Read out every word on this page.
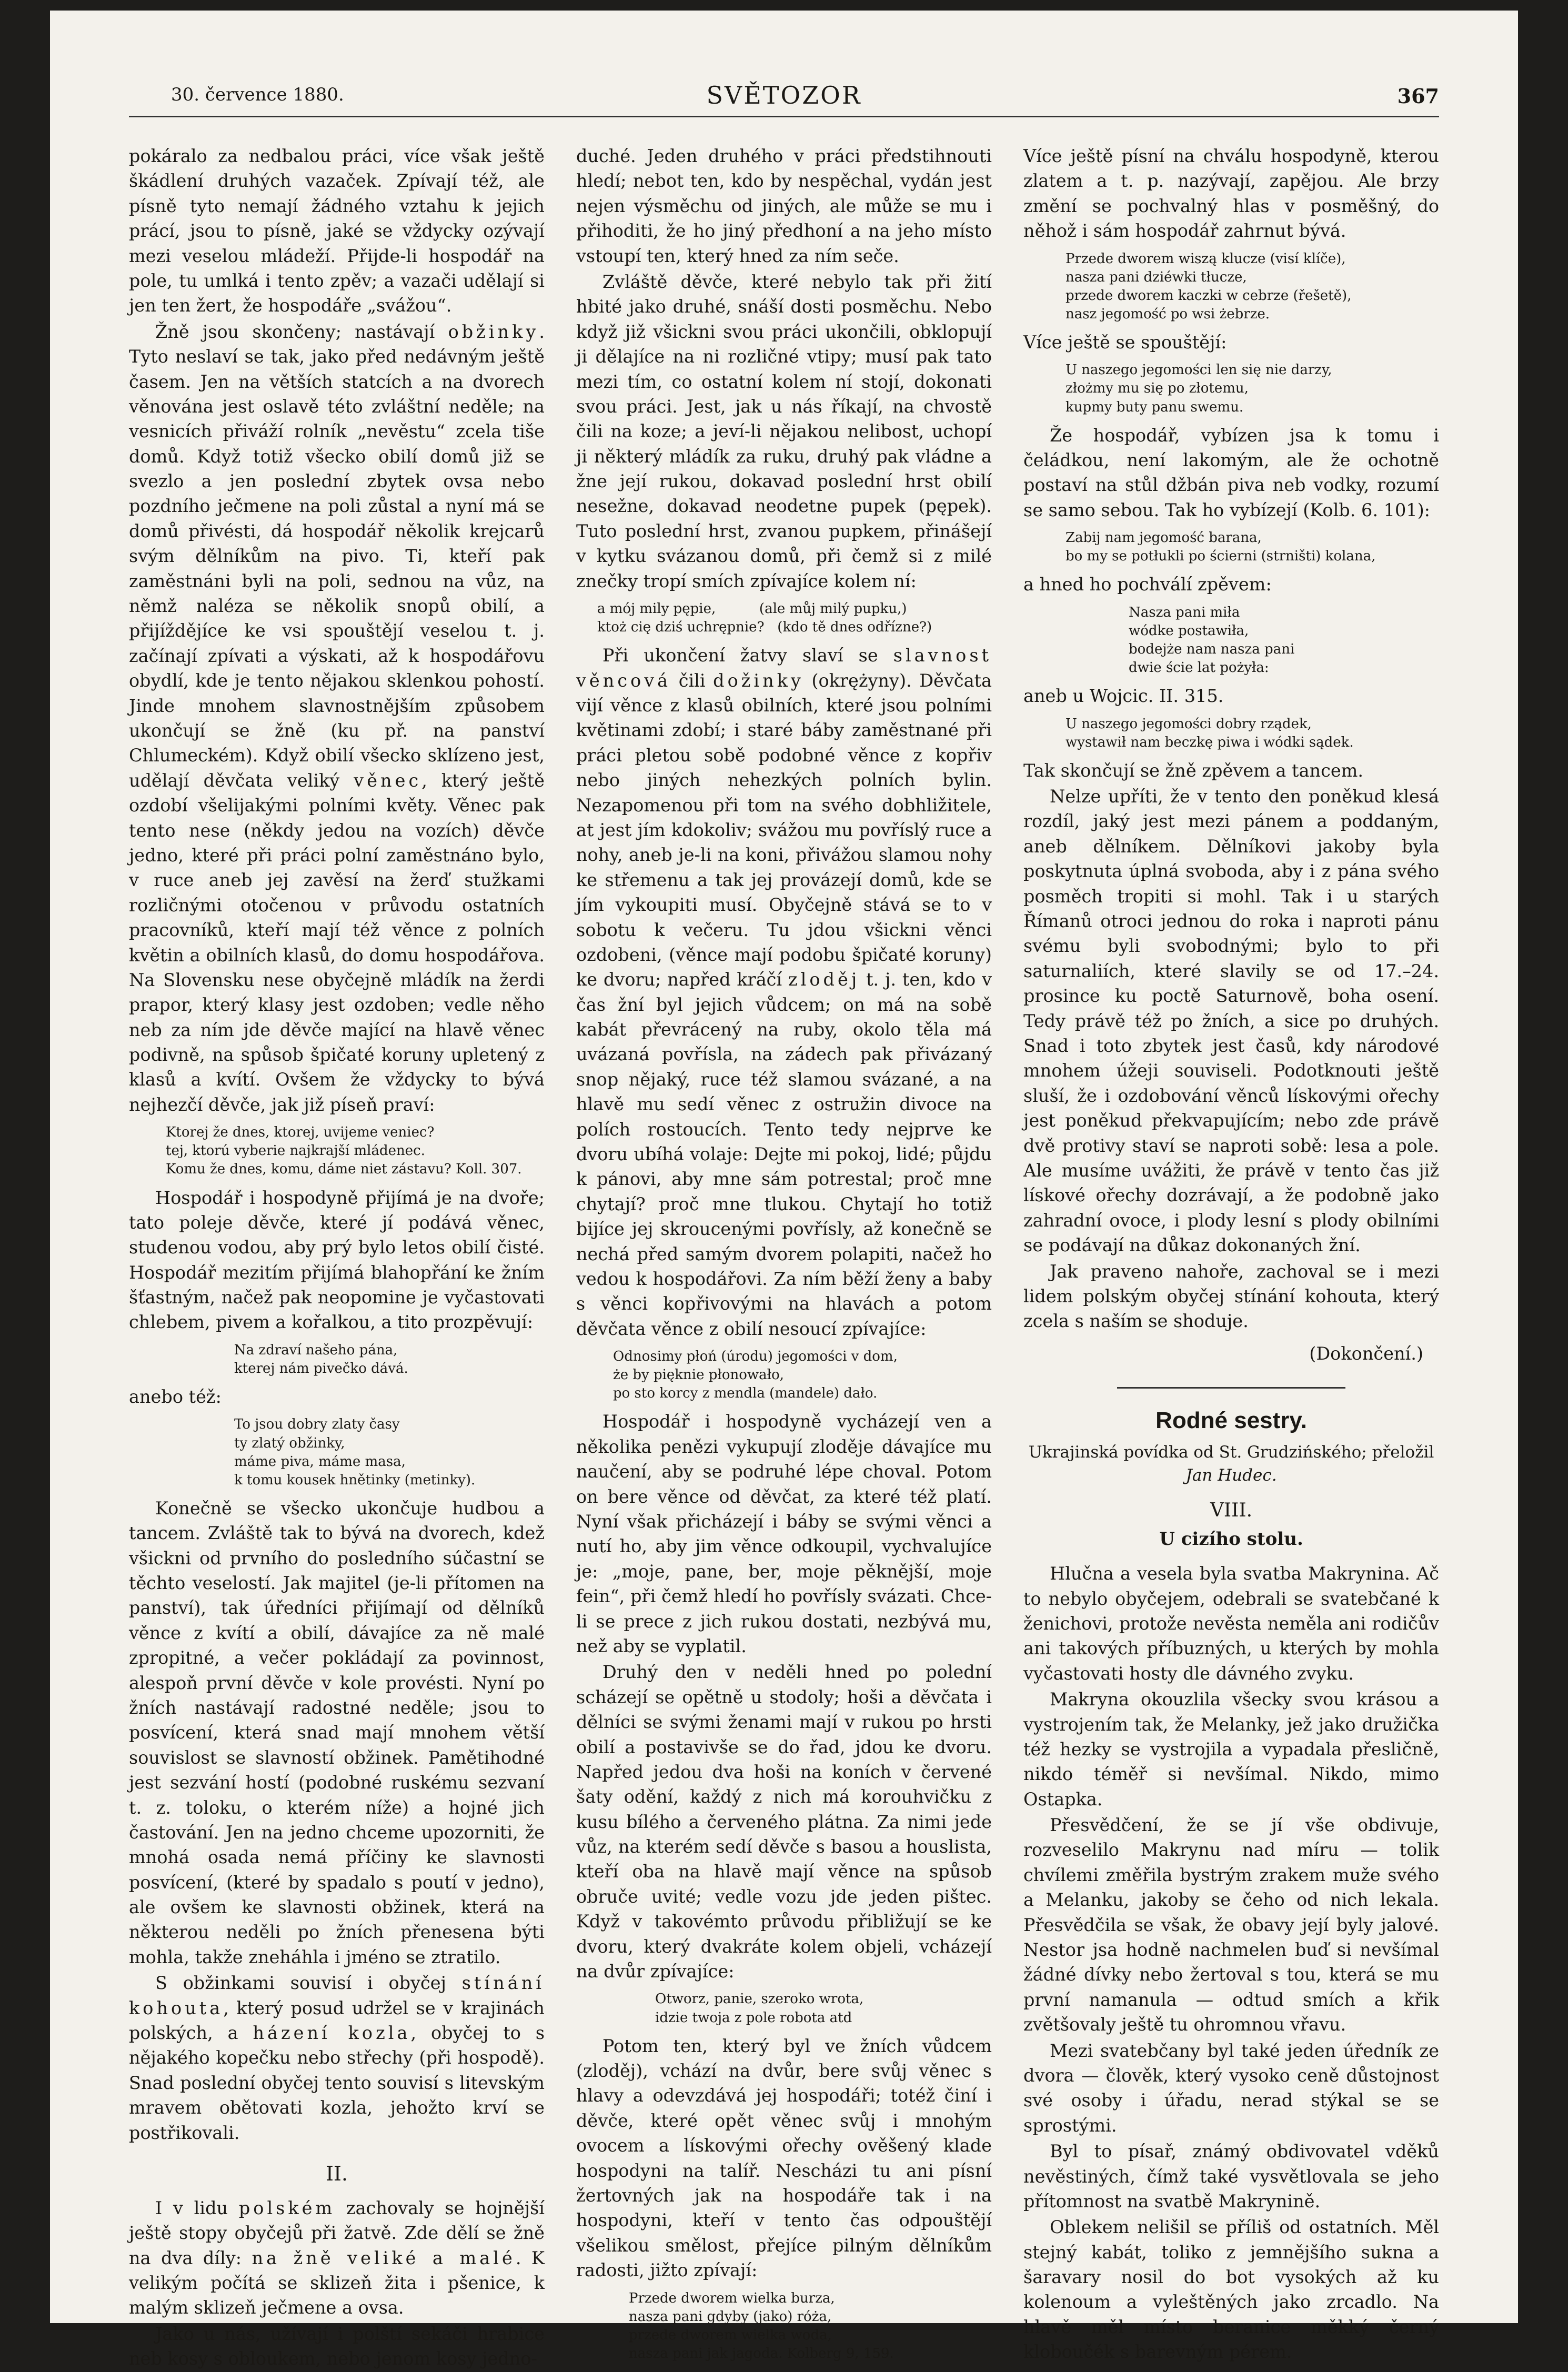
30. července 1880.	SVĚTOZOR	367

pokáralo za nedbalou práci, více však ještě škádlení druhých vazaček. Zpívají též, ale písně tyto nemají žádného vztahu k jejich prácí, jsou to písně, jaké se vždycky ozývají mezi veselou mládeží. Přijde-li hospodář na pole, tu umlká i tento zpěv; a vazači udělají si jen ten žert, že hospodáře „svážou“.

Žně jsou skončeny; nastávají obžinky. Tyto neslaví se tak, jako před nedávným ještě časem. Jen na větších statcích a na dvorech věnována jest oslavě této zvláštní neděle; na vesnicích přiváží rolník „nevěstu“ zcela tiše domů. Když totiž všecko obilí domů již se svezlo a jen poslední zbytek ovsa nebo pozdního ječmene na poli zůstal a nyní má se domů přivésti, dá hospodář několik krejcarů svým dělníkům na pivo. Ti, kteří pak zaměstnáni byli na poli, sednou na vůz, na němž naléza se několik snopů obilí, a přijíždějíce ke vsi spouštějí veselou t. j. začínají zpívati a výskati, až k hospodářovu obydlí, kde je tento nějakou sklenkou pohostí. Jinde mnohem slavnostnějším způsobem ukončují se žně (ku př. na panství Chlumeckém). Když obilí všecko sklízeno jest, udělají děvčata veliký věnec, který ještě ozdobí všelijakými polními květy. Věnec pak tento nese (někdy jedou na vozích) děvče jedno, které při práci polní zaměstnáno bylo, v ruce aneb jej zavěsí na žerď stužkami rozličnými otočenou v průvodu ostatních pracovníků, kteří mají též věnce z polních květin a obilních klasů, do domu hospodářova. Na Slovensku nese obyčejně mládík na žerdi prapor, který klasy jest ozdoben; vedle něho neb za ním jde děvče mající na hlavě věnec podivně, na spůsob špičaté koruny upletený z klasů a kvítí. Ovšem že vždycky to bývá nejhezčí děvče, jak již píseň praví:

Ktorej že dnes, ktorej, uvijeme veniec?
tej, ktorú vyberie najkrajší mládenec.
Komu že dnes, komu, dáme niet zástavu? Koll. 307.

Hospodář i hospodyně přijímá je na dvoře; tato poleje děvče, které jí podává věnec, studenou vodou, aby prý bylo letos obilí čisté. Hospodář mezitím přijímá blahopřání ke žním šťastným, načež pak neopomine je vyčastovati chlebem, pivem a kořalkou, a tito prozpěvují:

Na zdraví našeho pána,
kterej nám pivečko dává.

anebo též:

To jsou dobry zlaty časy
ty zlatý obžinky,
máme piva, máme masa,
k tomu kousek hnětinky (metinky).

Konečně se všecko ukončuje hudbou a tancem. Zvláště tak to bývá na dvorech, kdež všickni od prvního do posledního súčastní se těchto veselostí. Jak majitel (je-li přítomen na panství), tak úředníci přijímají od dělníků věnce z kvítí a obilí, dávajíce za ně malé zpropitné, a večer pokládají za povinnost, alespoň první děvče v kole provésti. Nyní po žních nastávají radostné neděle; jsou to posvícení, která snad mají mnohem větší souvislost se slavností obžinek. Pamětihodné jest sezvání hostí (podobné ruskému sezvaní t. z. toloku, o kterém níže) a hojné jich častování. Jen na jedno chceme upozorniti, že mnohá osada nemá příčiny ke slavnosti posvícení, (které by spadalo s poutí v jedno), ale ovšem ke slavnosti obžinek, která na některou neděli po žních přenesena býti mohla, takže zneháhla i jméno se ztratilo.

S obžinkami souvisí i obyčej stínání kohouta, který posud udržel se v krajinách polských, a házení kozla, obyčej to s nějakého kopečku nebo střechy (při hospodě). Snad poslední obyčej tento souvisí s litevským mravem obětovati kozla, jehožto krví se postřikovali.

II.

I v lidu polském zachovaly se hojnější ještě stopy obyčejů při žatvě. Zde dělí se žně na dva díly: na žně veliké a malé. K velikým počítá se sklizeň žita i pšenice, k malým sklizeň ječmene a ovsa.

Jako u nás, užívají i polští sekáči hrabice neb kosy s obloukem, nebo jenom kosy jedno-

duché. Jeden druhého v práci předstihnouti hledí; nebot ten, kdo by nespěchal, vydán jest nejen výsměchu od jiných, ale může se mu i přihoditi, že ho jiný předhoní a na jeho místo vstoupí ten, který hned za ním seče.

Zvláště děvče, které nebylo tak při žití hbité jako druhé, snáší dosti posměchu. Nebo když již všickni svou práci ukončili, obklopují ji dělajíce na ni rozličné vtipy; musí pak tato mezi tím, co ostatní kolem ní stojí, dokonati svou práci. Jest, jak u nás říkají, na chvostě čili na koze; a jeví-li nějakou nelibost, uchopí ji některý mládík za ruku, druhý pak vládne a žne její rukou, dokavad poslední hrst obilí nesežne, dokavad neodetne pupek (pępek). Tuto poslední hrst, zvanou pupkem, přinášejí v kytku svázanou domů, při čemž si z milé znečky tropí smích zpívajíce kolem ní:

a mój mily pępie,          (ale můj milý pupku,)
ktoż cię dziś uchrępnie?   (kdo tě dnes odřízne?)

Při ukončení žatvy slaví se slavnost věncová čili dožinky (okrężyny). Děvčata vijí věnce z klasů obilních, které jsou polními květinami zdobí; i staré báby zaměstnané při práci pletou sobě podobné věnce z kopřiv nebo jiných nehezkých polních bylin. Nezapomenou při tom na svého dobhližitele, at jest jím kdokoliv; svážou mu povříslý ruce a nohy, aneb je-li na koni, přivážou slamou nohy ke střemenu a tak jej provázejí domů, kde se jím vykoupiti musí. Obyčejně stává se to v sobotu k večeru. Tu jdou všickni věnci ozdobeni, (věnce mají podobu špičaté koruny) ke dvoru; napřed kráčí zloděj t. j. ten, kdo v čas žní byl jejich vůdcem; on má na sobě kabát převrácený na ruby, okolo těla má uvázaná povřísla, na zádech pak přivázaný snop nějaký, ruce též slamou svázané, a na hlavě mu sedí věnec z ostružin divoce na polích rostoucích. Tento tedy nejprve ke dvoru ubíhá volaje: Dejte mi pokoj, lidé; půjdu k pánovi, aby mne sám potrestal; proč mne chytají? proč mne tlukou. Chytají ho totiž bijíce jej skroucenými povřísly, až konečně se nechá před samým dvorem polapiti, načež ho vedou k hospodářovi. Za ním běží ženy a baby s věnci kopřivovými na hlavách a potom děvčata věnce z obilí nesoucí zpívajíce:

Odnosimy płoń (úrodu) jegomości v dom,
że by pięknie płonowało,
po sto korcy z mendla (mandele) dało.

Hospodář i hospodyně vycházejí ven a několika penězi vykupují zloděje dávajíce mu naučení, aby se podruhé lépe choval. Potom on bere věnce od děvčat, za které též platí. Nyní však přicházejí i báby se svými věnci a nutí ho, aby jim věnce odkoupil, vychvalujíce je: „moje, pane, ber, moje pěknější, moje fein“, při čemž hledí ho povřísly svázati. Chce-li se prece z jich rukou dostati, nezbývá mu, než aby se vyplatil.

Druhý den v neděli hned po polední scházejí se opětně u stodoly; hoši a děvčata i dělníci se svými ženami mají v rukou po hrsti obilí a postavivše se do řad, jdou ke dvoru. Napřed jedou dva hoši na koních v červené šaty odění, každý z nich má korouhvičku z kusu bílého a červeného plátna. Za nimi jede vůz, na kterém sedí děvče s basou a houslista, kteří oba na hlavě mají věnce na spůsob obruče uvité; vedle vozu jde jeden pištec. Když v takovémto průvodu přibližují se ke dvoru, který dvakráte kolem objeli, vcházejí na dvůr zpívajíce:

Otworz, panie, szeroko wrota,
idzie twoja z pole robota atd

Potom ten, který byl ve žních vůdcem (zloděj), vchází na dvůr, bere svůj věnec s hlavy a odevzdává jej hospodáři; totéž činí i děvče, které opět věnec svůj i mnohým ovocem a lískovými ořechy ověšený klade hospodyni na talíř. Nescházi tu ani písní žertovných jak na hospodáře tak i na hospodyni, kteří v tento čas odpouštějí všelikou smělost, přejíce pilným dělníkům radosti, jižto zpívají:

Przede dworem wielka burza,
nasza pani gdyby (jako) róża,
przede dworem wielka woda,
nasza pani jak jagoda. Kolberg 9, 159.

Více ještě písní na chválu hospodyně, kterou zlatem a t. p. nazývají, zapějou. Ale brzy změní se pochvalný hlas v posměšný, do něhož i sám hospodář zahrnut bývá.

Przede dworem wiszą klucze (visí klíče),
nasza pani dziéwki tłucze,
przede dworem kaczki w cebrze (řešetě),
nasz jegomość po wsi żebrze.

Více ještě se spouštějí:

U naszego jegomości len się nie darzy,
złożmy mu się po złotemu,
kupmy buty panu swemu.

Že hospodář, vybízen jsa k tomu i čeládkou, není lakomým, ale že ochotně postaví na stůl džbán piva neb vodky, rozumí se samo sebou. Tak ho vybízejí (Kolb. 6. 101):

Zabij nam jegomość barana,
bo my se potłukli po ścierni (strništi) kolana,

a hned ho pochválí zpěvem:

Nasza pani miła
wódke postawiła,
bodejże nam nasza pani
dwie ście lat pożyła:

aneb u Wojcic. II. 315.

U naszego jegomości dobry rządek,
wystawił nam beczkę piwa i wódki sądek.

Tak skončují se žně zpěvem a tancem.

Nelze upříti, že v tento den poněkud klesá rozdíl, jaký jest mezi pánem a poddaným, aneb dělníkem. Dělníkovi jakoby byla poskytnuta úplná svoboda, aby i z pána svého posměch tropiti si mohl. Tak i u starých Římanů otroci jednou do roka i naproti pánu svému byli svobodnými; bylo to při saturnaliích, které slavily se od 17.–24. prosince ku poctě Saturnově, boha osení. Tedy právě též po žních, a sice po druhých. Snad i toto zbytek jest časů, kdy národové mnohem úžeji souviseli. Podotknouti ještě sluší, že i ozdobování věnců lískovými ořechy jest poněkud překvapujícím; nebo zde právě dvě protivy staví se naproti sobě: lesa a pole. Ale musíme uvážiti, že právě v tento čas již lískové ořechy dozrávají, a že podobně jako zahradní ovoce, i plody lesní s plody obilními se podávají na důkaz dokonaných žní.

Jak praveno nahoře, zachoval se i mezi lidem polským obyčej stínání kohouta, který zcela s naším se shoduje.

(Dokončení.)
Rodné sestry.
Ukrajinská povídka od St. Grudzińského; přeložil
Jan Hudec.
VIII.
U cizího stolu.

Hlučna a vesela byla svatba Makrynina. Ač to nebylo obyčejem, odebrali se svatebčané k ženichovi, protože nevěsta neměla ani rodičův ani takových příbuzných, u kterých by mohla vyčastovati hosty dle dávného zvyku.

Makryna okouzlila všecky svou krásou a vystrojením tak, že Melanky, jež jako družička též hezky se vystrojila a vypadala přesličně, nikdo téměř si nevšímal. Nikdo, mimo Ostapka.

Přesvědčení, že se jí vše obdivuje, rozveselilo Makrynu nad míru — tolik chvílemi změřila bystrým zrakem muže svého a Melanku, jakoby se čeho od nich lekala. Přesvědčila se však, že obavy její byly jalové. Nestor jsa hodně nachmelen buď si nevšímal žádné dívky nebo žertoval s tou, která se mu první namanula — odtud smích a křik zvětšovaly ještě tu ohromnou vřavu.

Mezi svatebčany byl také jeden úředník ze dvora — člověk, který vysoko ceně důstojnost své osoby i úřadu, nerad stýkal se se sprostými.

Byl to písař, známý obdivovatel vděků nevěstiných, čímž také vysvětlovala se jeho přítomnost na svatbě Makrynině.

Oblekem nelišil se příliš od ostatních. Měl stejný kabát, toliko z jemnějšího sukna a šaravary nosil do bot vysokých až ku kolenoum a vyleštěných jako zrcadlo. Na hlavě měl místo beranice měkký černý kloboučék s barevným pérem.
